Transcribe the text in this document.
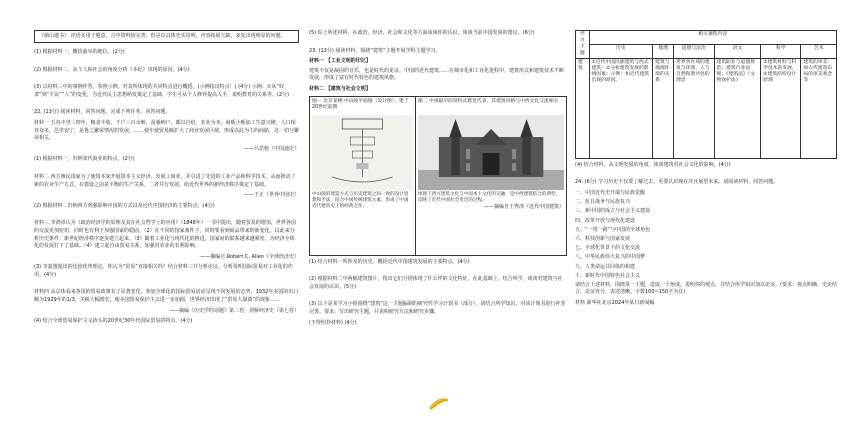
《鼎山遗书》 评语实用于题意，言中资料较完善；但是以具体史实说明，内容拓展欠缺，多处出现明显的问题。
(1) 根据材料一，概括曲阜的地位。(2分)
(2) 根据材料二，从个人和社会的角度分析《本纪》出现的原因。(4分)
(3) 以材料三中的事例作答，参照示例，对其所体现的共同特点进行概括。(示例指出特点！) (4分) 示例：①从“奴隶”到“平民”“人”的变化，为近代民主思想萌发奠定了基础，学生可从个人修养提高入手，说明教育的关系等。(2分)
22. (13分) 阅读材料，回答问题，完成下列任务，回答问题。
材料一 五谷丰登三四年，粮食丰收，于户三百余斛，蚕桑纳户，都以自给，农业为本，商贩小贩加工生意兴隆，人口相对众多，邑里安宁，是鲁之繁荣情况的发展。……使年使贸易额扩大了商业发展区域，形成以此为主的商路，这一切与繁荣相关。
——吕思勉《中国通史》
(1) 根据材料一，归纳宋代商业的特点。(2分)
材料二 西方殖民国家为了使资本家开展资本主义经济，发展工商业，并引进了先进的工业产品和科学技术，从而推动了新的农业生产方式。在建设之前是平衡的生产关系，二者并行发展，给近代世界的新经济秩序奠定了基础。
——王正《世界中国史》
(2) 根据材料二归纳西方列强影响中国的方式以及近代中国经济的主要特点。(4分)
材料三 李鸿章认为《政治经济学的原理及其在社会哲学上的应用》（1848年）一书中提出，随着贸易的增加，世界各国的交流更加密切，同时也有利于加强国家的稳固。（2）在不同的国家条件下，同时要看到商品带来的新变化。以此来分析历史条件，新世纪经济秩序逐步建立起来。（3）随着工业化与现代化的推进，国家间的联系越来越紧密，为经济全球化的发展打下了基础。（4）建立起自由贸易关系，加强对农业的有利影响。
——摘编自 Robert C. Allen《全球经济史》
(3) 李嘉图提出的比较优势理论，你认为“贸易”直接相关吗？结合材料三并分析论证。分析说明国际贸易对工业化的作用。(4分)
材料四 从总体看来各国的贸易政策有了显著变化。参加全球化的国际贸易活动呈现不同发展的态势，1932年美国的出口额为1929年的1/3，关税大幅增长，使美国贸易保护主义进一步加剧，世界经济出现了“贸易大崩溃”的现象……
——摘编《历史学的话题》第二卷，剑桥经济史（第七卷）
(4) 结合全球贸易保护主义抬头的20世纪30年代国际贸易的特点。(4分)
(5) 综上所述材料，在政治、经济、社会和文化等方面谈谈你的认识，谈谈当前中国发展的建议。(6分)
23. (13分) 阅读材料，围绕“建筑”主题开展学科主题学习。
材料一 【工业文明的印记】
建筑不仅是凝固的音乐，也是时代的见证。中国的近代建筑……在城市化和工业化进程中，建筑形式和建筑技术不断发展，形成了富有时代特色的建筑风格。
材料二 【建筑与社会文明】
图一 北京某楼·中山陵平面图（设计图），建于20世纪前期
中山陵的建造方式与历史建筑之间一致的设计思想和手法，结合中国传统建筑元素，形成了中国近代建筑史上的经典之作。
图二 中国最早的哥特式教堂代表，其建筑风格与中西文化交流相关
体现了西方建筑文化与中国本土文化的交融，是中西建筑结合的典型，反映了近代中国社会变迁的过程。
——摘编自王秀清《近代中国建筑》
(1) 结合材料一所涉及的历史，概括近代中国建筑发展的主要特点。(4分)
(2) 根据材料二中两幅建筑图片，指出它们分别体现了什么样的文化特征。在此基础上，结合所学，谈谈对建筑与社会发展的认识。(5分)
(3) 以下是某学习小组围绕“建筑”这一主题编制的研究性学习计划书（部分），请结合所学知识，对该计划书进行补充完善。要求：写出研究主题，并说明研究方法和研究步骤。
(不得照抄材料) (4分)
学习主题	相关课程内容					
	历史	地理	道德与法治	语文	科学	艺术
建筑	①近代中国民族建筑与西式建筑；②分析建筑发展的影响因素；示例：如近代建筑出现的原因。	建筑与地理环境的关系	世界各区域的建筑与环境、人与自然和谐共处的理念	建筑职业与道德规范；建筑行业法规；《建筑法》《文物保护法》	①建筑材料与科学技术的发展，②建筑结构设计原理	建筑的审美：如古代建筑布局的审美观念等
(4) 结合材料，从文明发展的角度，谈谈建筑对社会文化的影响。(4分)
24. (6分) 学习历史不仅要了解过去，更要认识现在并且展望未来。请阅读材料，回答问题。
一、中国近代史开端与民族觉醒
二、抗日战争与民族复兴
三、新中国的成立与社会主义建设
四、改革开放与现代化建设
五、“一带一路”与中国的全球角色
六、科技创新与国家发展
七、全球化背景下的文化交流
八、中华民族伟大复兴的中国梦
九、人类命运共同体的构建
十、新时代中国特色社会主义
请结合上述材料，围绕某一主题，选取一个角度，说明你的观点，并结合所学知识加以论证。(要求：观点明确，史论结合，论证充分，表述清晰。字数100~150字为宜)
材料 新华社北京2024年某日新闻稿
